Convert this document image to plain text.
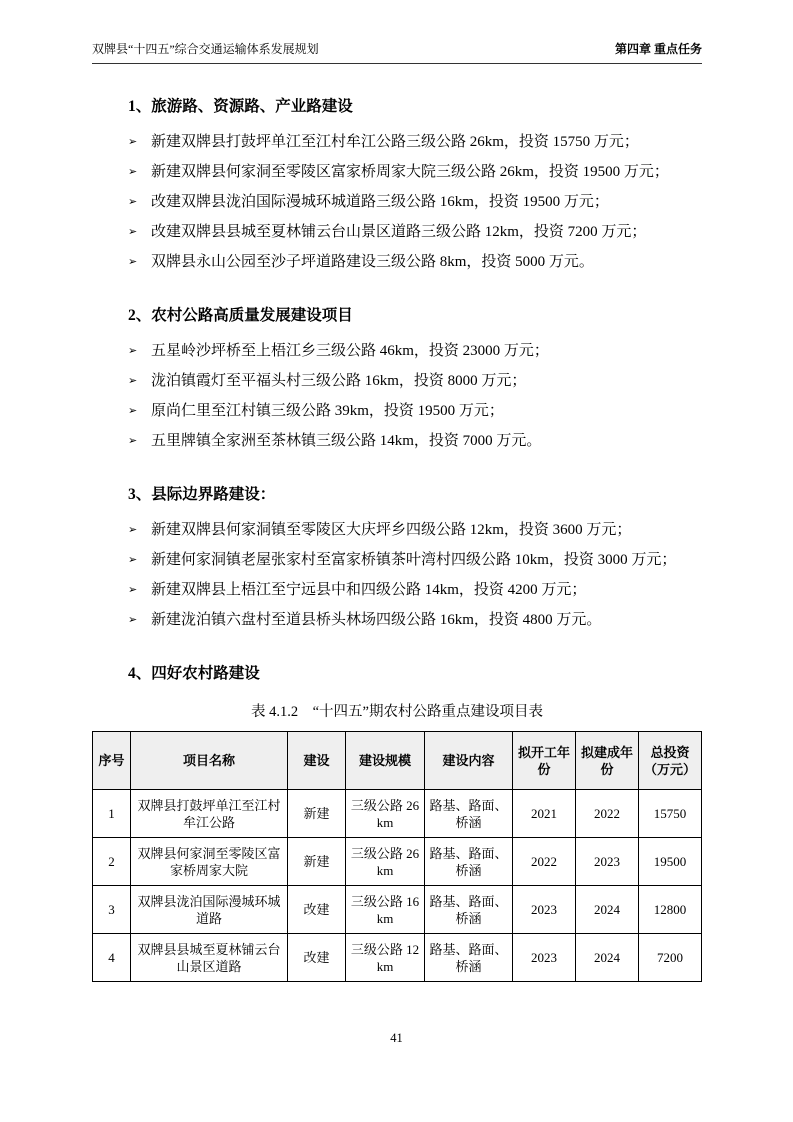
双牌县“十四五”综合交通运输体系发展规划	第四章 重点任务
1、旅游路、资源路、产业路建设
➢ 新建双牌县打鼓坪单江至江村牟江公路三级公路 26km，投资 15750 万元；
➢ 新建双牌县何家洞至零陵区富家桥周家大院三级公路 26km，投资 19500 万元；
➢ 改建双牌县泷泊国际漫城环城道路三级公路 16km，投资 19500 万元；
➢ 改建双牌县县城至夏林铺云台山景区道路三级公路 12km，投资 7200 万元；
➢ 双牌县永山公园至沙子坪道路建设三级公路 8km，投资 5000 万元。
2、农村公路高质量发展建设项目
➢ 五星岭沙坪桥至上梧江乡三级公路 46km，投资 23000 万元；
➢ 泷泊镇霞灯至平福头村三级公路 16km，投资 8000 万元；
➢ 原尚仁里至江村镇三级公路 39km，投资 19500 万元；
➢ 五里牌镇全家洲至茶林镇三级公路 14km，投资 7000 万元。
3、县际边界路建设：
➢ 新建双牌县何家洞镇至零陵区大庆坪乡四级公路 12km，投资 3600 万元；
➢ 新建何家洞镇老屋张家村至富家桥镇茶叶湾村四级公路 10km，投资 3000 万元；
➢ 新建双牌县上梧江至宁远县中和四级公路 14km，投资 4200 万元；
➢ 新建泷泊镇六盘村至道县桥头林场四级公路 16km，投资 4800 万元。
4、四好农村路建设
表 4.1.2　“十四五”期农村公路重点建设项目表
序号	项目名称	建设	建设规模	建设内容	拟开工年份	拟建成年份	总投资（万元）
1	双牌县打鼓坪单江至江村牟江公路	新建	三级公路 26km	路基、路面、桥涵	2021	2022	15750
2	双牌县何家洞至零陵区富家桥周家大院	新建	三级公路 26km	路基、路面、桥涵	2022	2023	19500
3	双牌县泷泊国际漫城环城道路	改建	三级公路 16km	路基、路面、桥涵	2023	2024	12800
4	双牌县县城至夏林铺云台山景区道路	改建	三级公路 12km	路基、路面、桥涵	2023	2024	7200
41
